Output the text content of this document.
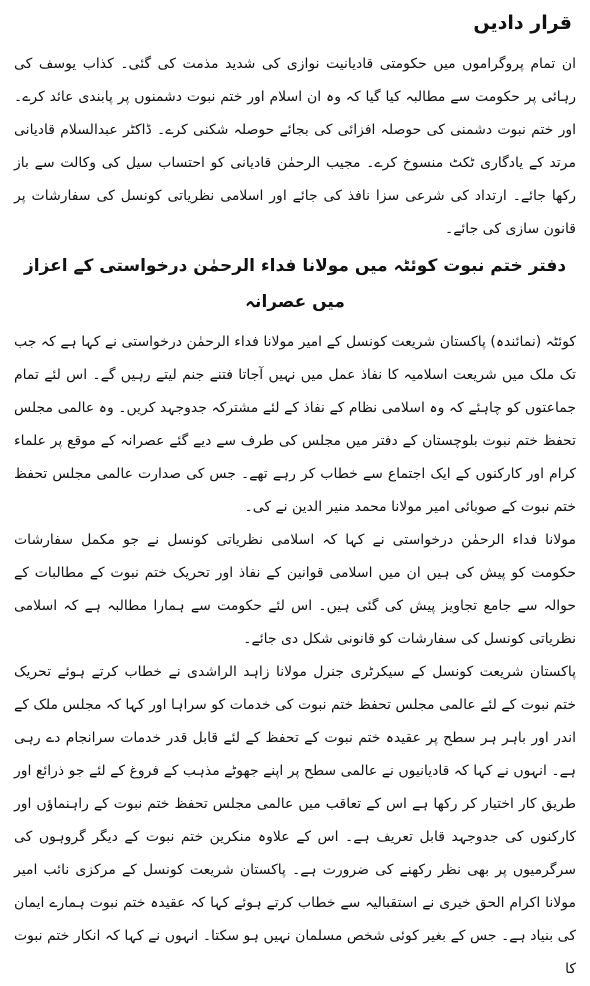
قرار دادیں

ان تمام پروگراموں میں حکومتی قادیانیت نوازی کی شدید مذمت کی گئی۔ کذاب یوسف کی رہائی پر حکومت سے مطالبہ کیا گیا کہ وہ ان اسلام اور ختم نبوت دشمنوں پر پابندی عائد کرے۔ اور ختم نبوت دشمنی کی حوصلہ افزائی کی بجائے حوصلہ شکنی کرے۔ ڈاکٹر عبدالسلام قادیانی مرتد کے یادگاری ٹکٹ منسوخ کرے۔ مجیب الرحمٰن قادیانی کو احتساب سیل کی وکالت سے باز رکھا جائے۔ ارتداد کی شرعی سزا نافذ کی جائے اور اسلامی نظریاتی کونسل کی سفارشات پر قانون سازی کی جائے۔

دفتر ختم نبوت کوئٹہ میں مولانا فداء الرحمٰن درخواستی کے اعزاز میں عصرانہ

کوئٹہ (نمائندہ) پاکستان شریعت کونسل کے امیر مولانا فداء الرحمٰن درخواستی نے کہا ہے کہ جب تک ملک میں شریعت اسلامیہ کا نفاذ عمل میں نہیں آجاتا فتنے جنم لیتے رہیں گے۔ اس لئے تمام جماعتوں کو چاہئے کہ وہ اسلامی نظام کے نفاذ کے لئے مشترکہ جدوجہد کریں۔ وہ عالمی مجلس تحفظ ختم نبوت بلوچستان کے دفتر میں مجلس کی طرف سے دیے گئے عصرانہ کے موقع پر علماء کرام اور کارکنوں کے ایک اجتماع سے خطاب کر رہے تھے۔ جس کی صدارت عالمی مجلس تحفظ ختم نبوت کے صوبائی امیر مولانا محمد منیر الدین نے کی۔

مولانا فداء الرحمٰن درخواستی نے کہا کہ اسلامی نظریاتی کونسل نے جو مکمل سفارشات حکومت کو پیش کی ہیں ان میں اسلامی قوانین کے نفاذ اور تحریک ختم نبوت کے مطالبات کے حوالہ سے جامع تجاویز پیش کی گئی ہیں۔ اس لئے حکومت سے ہمارا مطالبہ ہے کہ اسلامی نظریاتی کونسل کی سفارشات کو قانونی شکل دی جائے۔

پاکستان شریعت کونسل کے سیکرٹری جنرل مولانا زاہد الراشدی نے خطاب کرتے ہوئے تحریک ختم نبوت کے لئے عالمی مجلس تحفظ ختم نبوت کی خدمات کو سراہا اور کہا کہ مجلس ملک کے اندر اور باہر ہر سطح پر عقیدہ ختم نبوت کے تحفظ کے لئے قابل قدر خدمات سرانجام دے رہی ہے۔ انہوں نے کہا کہ قادیانیوں نے عالمی سطح پر اپنے جھوٹے مذہب کے فروغ کے لئے جو ذرائع اور طریق کار اختیار کر رکھا ہے اس کے تعاقب میں عالمی مجلس تحفظ ختم نبوت کے راہنماؤں اور کارکنوں کی جدوجہد قابل تعریف ہے۔ اس کے علاوہ منکرین ختم نبوت کے دیگر گروہوں کی سرگرمیوں پر بھی نظر رکھنے کی ضرورت ہے۔ پاکستان شریعت کونسل کے مرکزی نائب امیر مولانا اکرام الحق خیری نے استقبالیہ سے خطاب کرتے ہوئے کہا کہ عقیدہ ختم نبوت ہمارے ایمان کی بنیاد ہے۔ جس کے بغیر کوئی شخص مسلمان نہیں ہو سکتا۔ انہوں نے کہا کہ انکار ختم نبوت کا
